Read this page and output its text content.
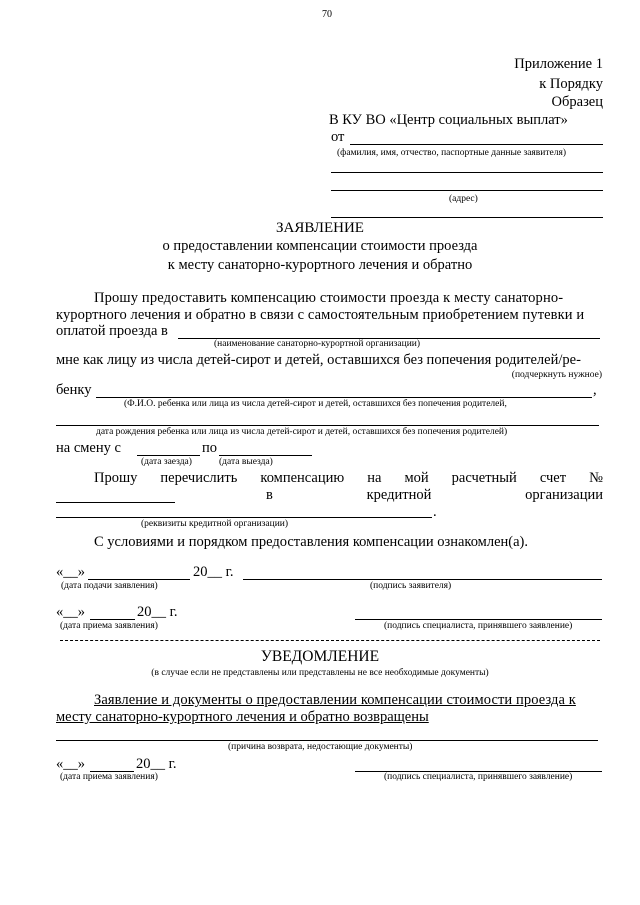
70
Приложение 1
к Порядку
Образец
В КУ ВО «Центр социальных выплат»
от
(фамилия, имя, отчество, паспортные данные заявителя)
(адрес)
ЗАЯВЛЕНИЕ
о предоставлении компенсации стоимости проезда
к месту санаторно-курортного лечения и обратно
Прошу предоставить компенсацию стоимости проезда к месту санаторно-
курортного лечения и обратно в связи с самостоятельным приобретением путевки и
оплатой проезда в
(наименование санаторно-курортной организации)
мне как лицу из числа детей-сирот и детей, оставшихся без попечения родителей/ре-
(подчеркнуть нужное)
бенку	,
(Ф.И.О. ребенка или лица из числа детей-сирот и детей, оставшихся без попечения родителей,
дата рождения ребенка или лица из числа детей-сирот и детей, оставшихся без попечения родителей)
на смену с	по
(дата заезда)	(дата выезда)
Прошу перечислить компенсацию на мой расчетный счет №
в	кредитной	организации
.
(реквизиты кредитной организации)
С условиями и порядком предоставления компенсации ознакомлен(а).
«__»	20__ г.
(дата подачи заявления)	(подпись заявителя)
«__»	20__ г.
(дата приема заявления)	(подпись специалиста, принявшего заявление)
УВЕДОМЛЕНИЕ
(в случае если не представлены или представлены не все необходимые документы)
Заявление и документы о предоставлении компенсации стоимости проезда к
месту санаторно-курортного лечения и обратно возвращены
(причина возврата, недостающие документы)
«__»	20__ г.
(дата приема заявления)	(подпись специалиста, принявшего заявление)
